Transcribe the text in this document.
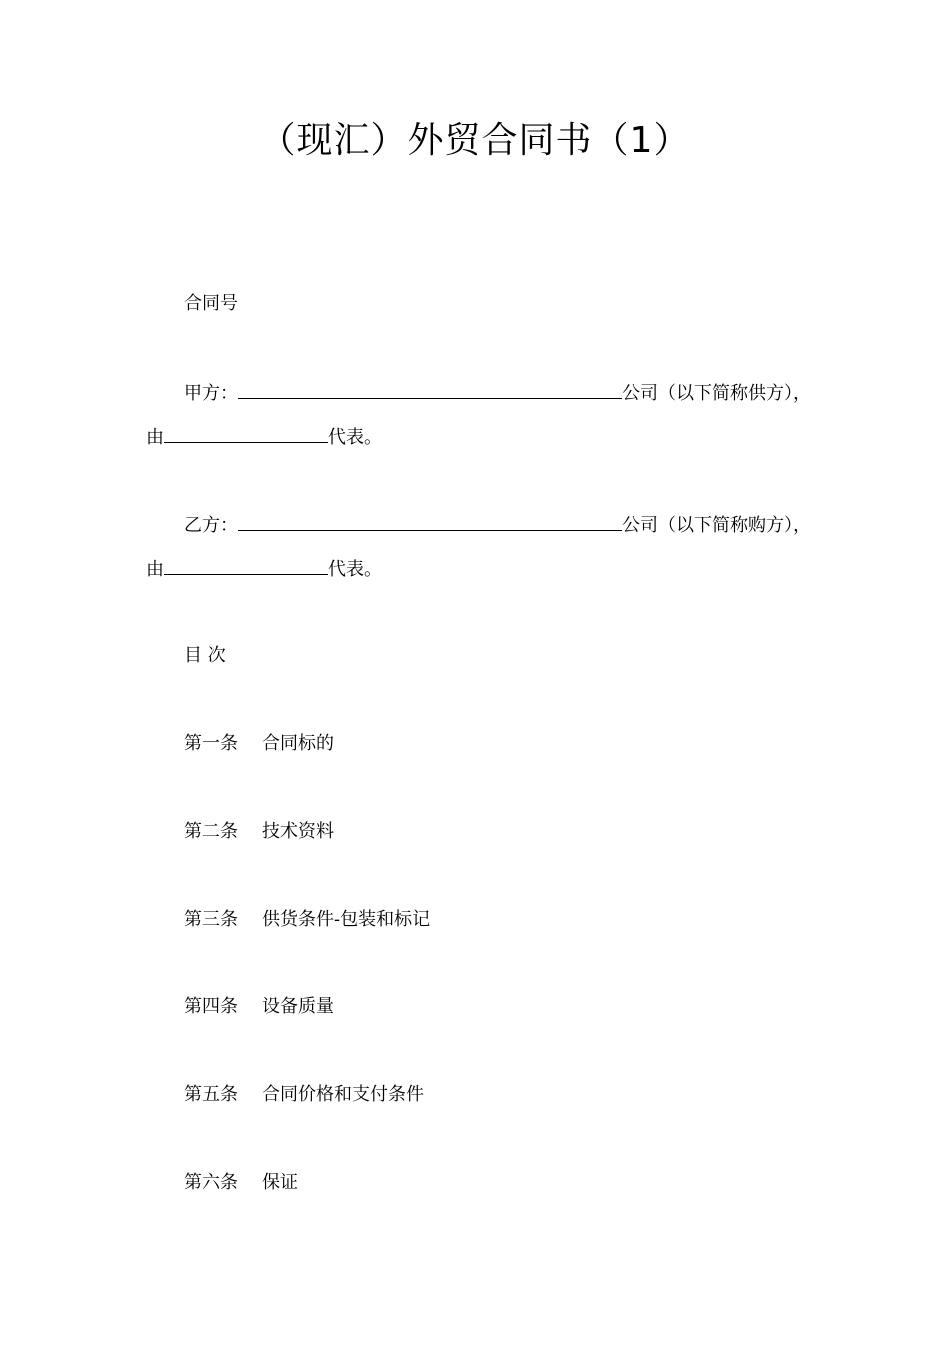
（现汇）外贸合同书（1）
合同号
甲方：	公司（以下简称供方），
由	代表。
乙方：	公司（以下简称购方），
由	代表。
目 次
第一条 合同标的
第二条 技术资料
第三条 供货条件-包装和标记
第四条 设备质量
第五条 合同价格和支付条件
第六条 保证
